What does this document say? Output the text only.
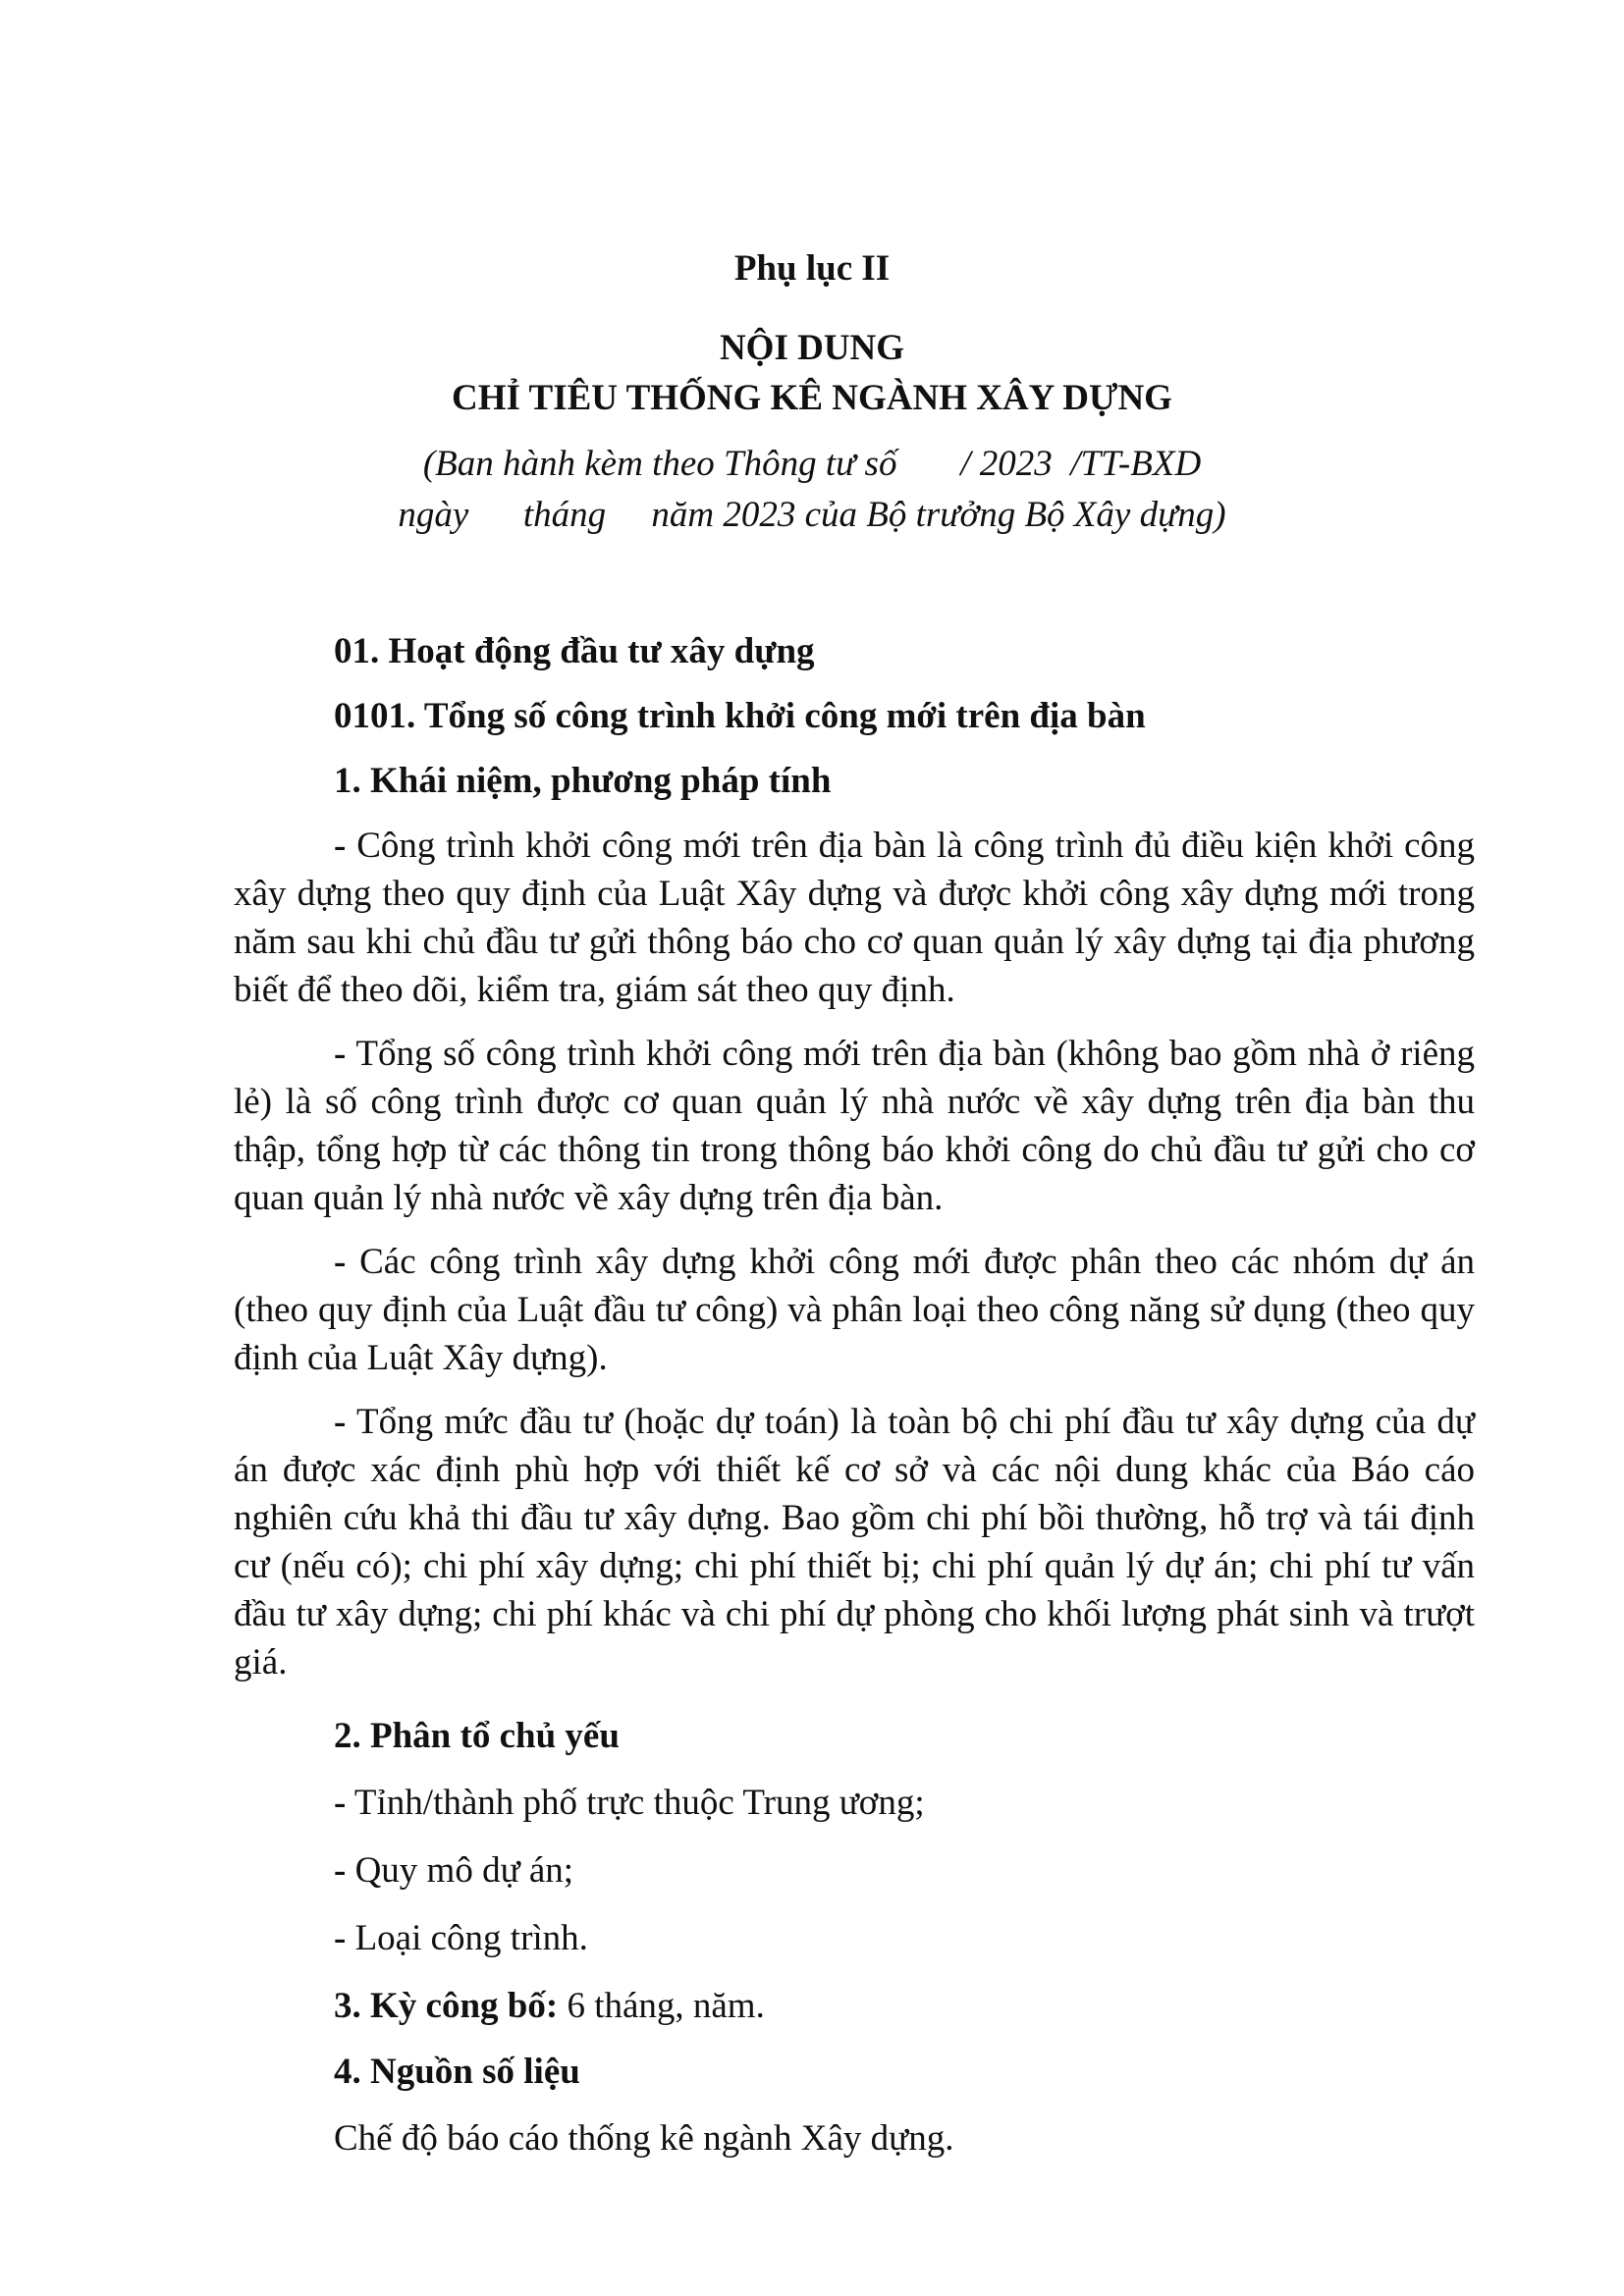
Phụ lục II
NỘI DUNG
CHỈ TIÊU THỐNG KÊ NGÀNH XÂY DỰNG
(Ban hành kèm theo Thông tư số       / 2023  /TT-BXD
ngày      tháng     năm 2023 của Bộ trưởng Bộ Xây dựng)
01. Hoạt động đầu tư xây dựng
0101. Tổng số công trình khởi công mới trên địa bàn
1. Khái niệm, phương pháp tính
- Công trình khởi công mới trên địa bàn là công trình đủ điều kiện khởi công xây dựng theo quy định của Luật Xây dựng và được khởi công xây dựng mới trong năm sau khi chủ đầu tư gửi thông báo cho cơ quan quản lý xây dựng tại địa phương biết để theo dõi, kiểm tra, giám sát theo quy định.
- Tổng số công trình khởi công mới trên địa bàn (không bao gồm nhà ở riêng lẻ) là số công trình được cơ quan quản lý nhà nước về xây dựng trên địa bàn thu thập, tổng hợp từ các thông tin trong thông báo khởi công do chủ đầu tư gửi cho cơ quan quản lý nhà nước về xây dựng trên địa bàn.
- Các công trình xây dựng khởi công mới được phân theo các nhóm dự án (theo quy định của Luật đầu tư công) và phân loại theo công năng sử dụng (theo quy định của Luật Xây dựng).
- Tổng mức đầu tư (hoặc dự toán) là toàn bộ chi phí đầu tư xây dựng của dự án được xác định phù hợp với thiết kế cơ sở và các nội dung khác của Báo cáo nghiên cứu khả thi đầu tư xây dựng. Bao gồm chi phí bồi thường, hỗ trợ và tái định cư (nếu có); chi phí xây dựng; chi phí thiết bị; chi phí quản lý dự án; chi phí tư vấn đầu tư xây dựng; chi phí khác và chi phí dự phòng cho khối lượng phát sinh và trượt giá.
2. Phân tổ chủ yếu
- Tỉnh/thành phố trực thuộc Trung ương;
- Quy mô dự án;
- Loại công trình.
3. Kỳ công bố: 6 tháng, năm.
4. Nguồn số liệu
Chế độ báo cáo thống kê ngành Xây dựng.
